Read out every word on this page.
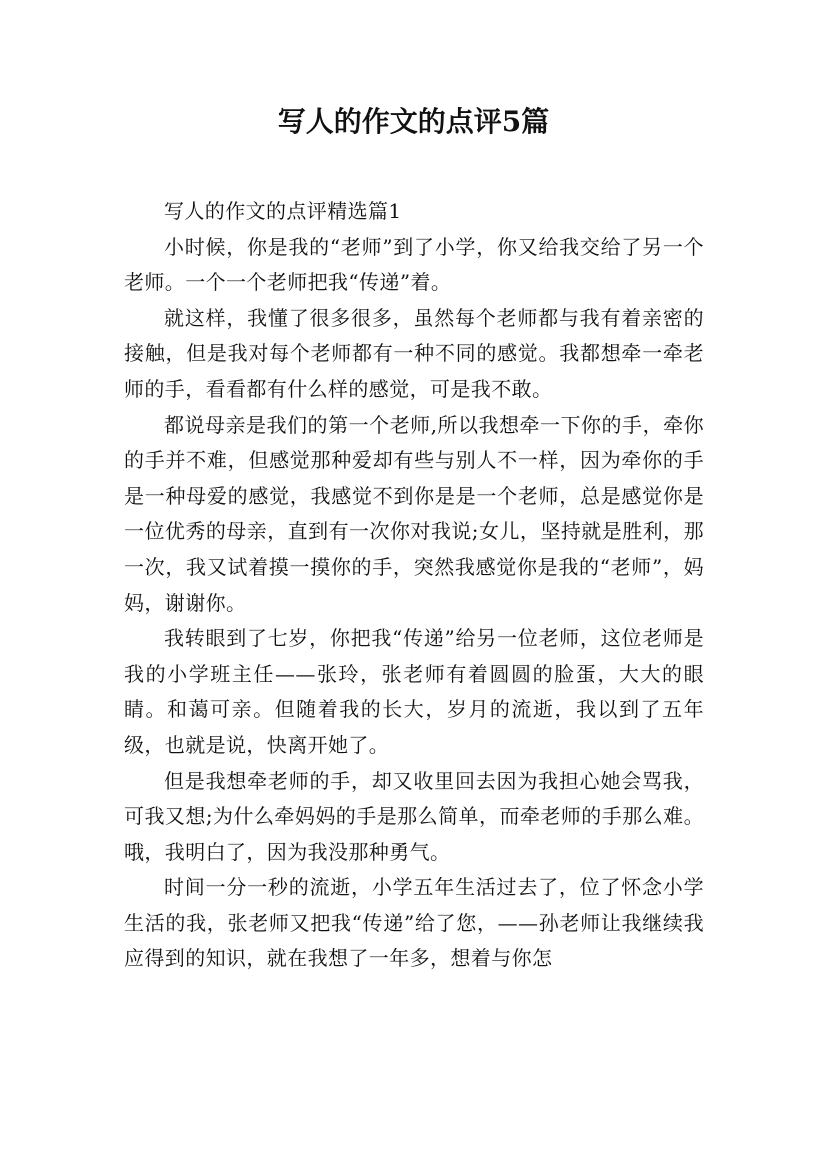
写人的作文的点评5篇

写人的作文的点评精选篇1

小时候，你是我的“老师”到了小学，你又给我交给了另一个老师。一个一个老师把我“传递”着。

就这样，我懂了很多很多，虽然每个老师都与我有着亲密的接触，但是我对每个老师都有一种不同的感觉。我都想牵一牵老师的手，看看都有什么样的感觉，可是我不敢。

都说母亲是我们的第一个老师,所以我想牵一下你的手，牵你的手并不难，但感觉那种爱却有些与别人不一样，因为牵你的手是一种母爱的感觉，我感觉不到你是是一个老师，总是感觉你是一位优秀的母亲，直到有一次你对我说;女儿，坚持就是胜利，那一次，我又试着摸一摸你的手，突然我感觉你是我的“老师”，妈妈，谢谢你。

我转眼到了七岁，你把我“传递”给另一位老师，这位老师是我的小学班主任——张玲，张老师有着圆圆的脸蛋，大大的眼睛。和蔼可亲。但随着我的长大，岁月的流逝，我以到了五年级，也就是说，快离开她了。

但是我想牵老师的手，却又收里回去因为我担心她会骂我，可我又想;为什么牵妈妈的手是那么简单，而牵老师的手那么难。哦，我明白了，因为我没那种勇气。

时间一分一秒的流逝，小学五年生活过去了，位了怀念小学生活的我，张老师又把我“传递”给了您，——孙老师让我继续我应得到的知识，就在我想了一年多，想着与你怎
